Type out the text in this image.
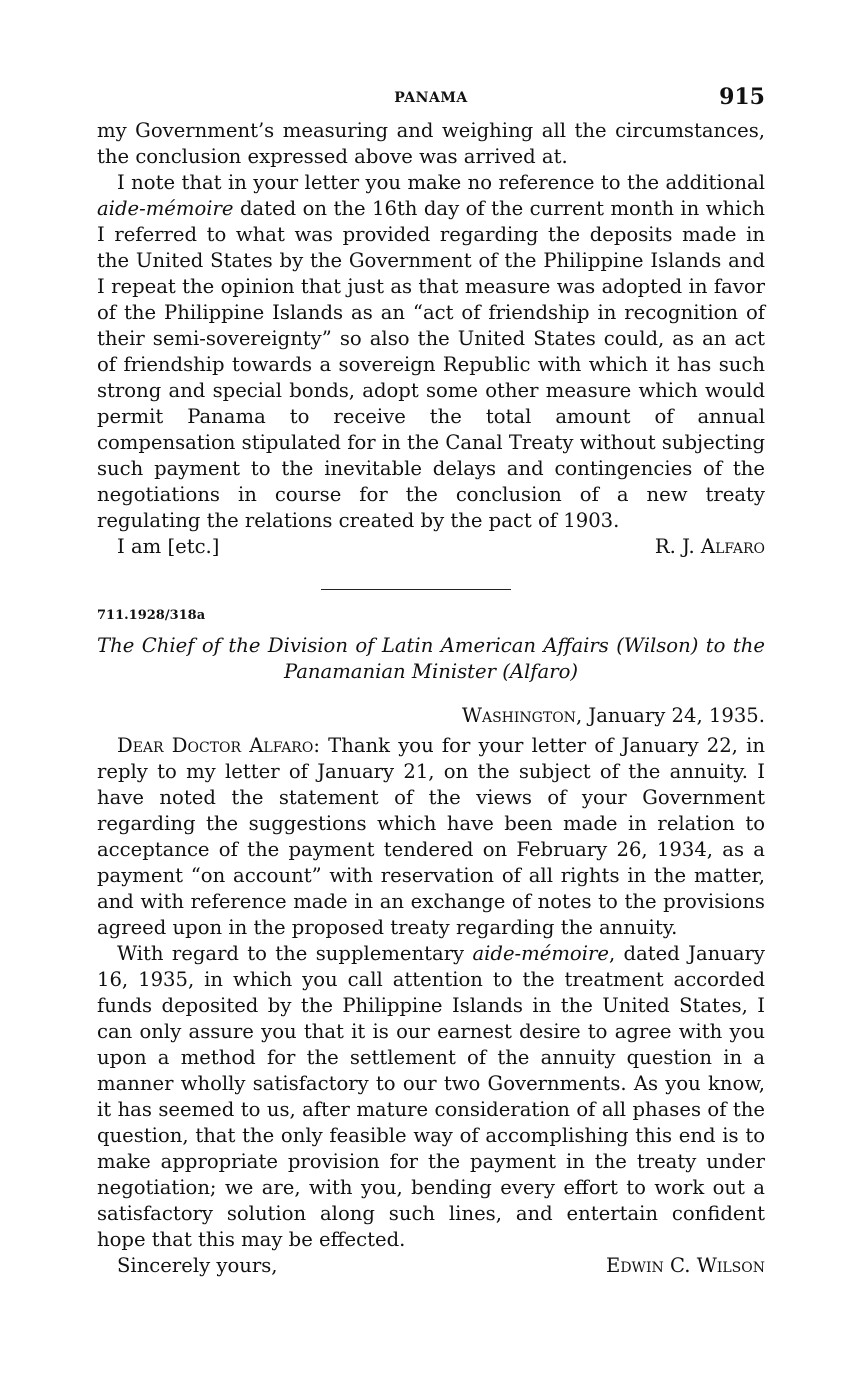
PANAMA	915

my Government’s measuring and weighing all the circumstances, the conclusion expressed above was arrived at.

I note that in your letter you make no reference to the additional aide-mémoire dated on the 16th day of the current month in which I referred to what was provided regarding the deposits made in the United States by the Government of the Philippine Islands and I repeat the opinion that just as that measure was adopted in favor of the Philippine Islands as an “act of friendship in recognition of their semi-sovereignty” so also the United States could, as an act of friendship towards a sovereign Republic with which it has such strong and special bonds, adopt some other measure which would permit Panama to receive the total amount of annual compensation stipulated for in the Canal Treaty without subjecting such payment to the inevitable delays and contingencies of the negotiations in course for the conclusion of a new treaty regulating the relations created by the pact of 1903.

I am [etc.]	R. J. Alfaro

711.1928/318a

The Chief of the Division of Latin American Affairs (Wilson) to the
Panamanian Minister (Alfaro)
Washington, January 24, 1935.

Dear Doctor Alfaro: Thank you for your letter of January 22, in reply to my letter of January 21, on the subject of the annuity. I have noted the statement of the views of your Government regarding the suggestions which have been made in relation to acceptance of the payment tendered on February 26, 1934, as a payment “on account” with reservation of all rights in the matter, and with reference made in an exchange of notes to the provisions agreed upon in the proposed treaty regarding the annuity.

With regard to the supplementary aide-mémoire, dated January 16, 1935, in which you call attention to the treatment accorded funds deposited by the Philippine Islands in the United States, I can only assure you that it is our earnest desire to agree with you upon a method for the settlement of the annuity question in a manner wholly satisfactory to our two Governments. As you know, it has seemed to us, after mature consideration of all phases of the question, that the only feasible way of accomplishing this end is to make appropriate provision for the payment in the treaty under negotiation; we are, with you, bending every effort to work out a satisfactory solution along such lines, and entertain confident hope that this may be effected.

Sincerely yours,	Edwin C. Wilson
